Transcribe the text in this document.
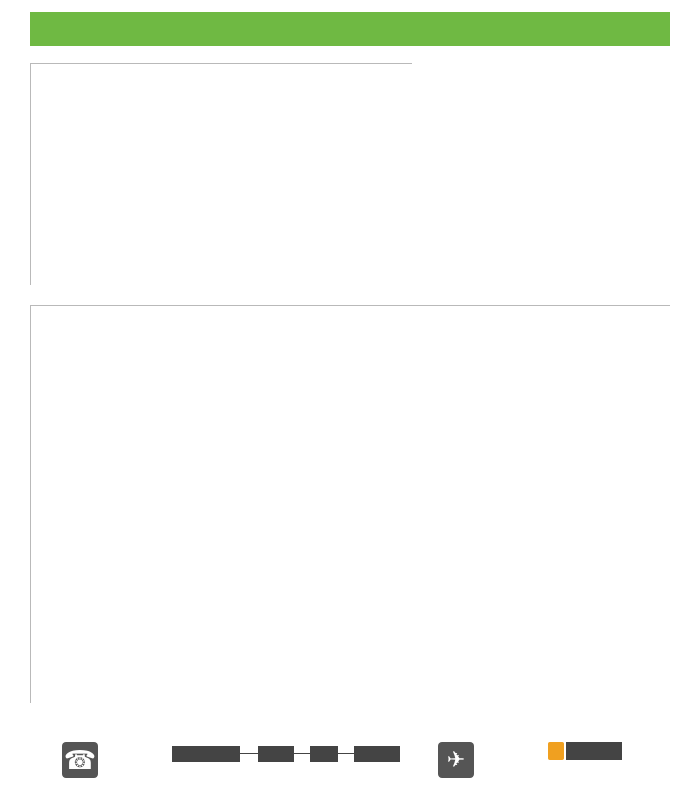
☎	✈
